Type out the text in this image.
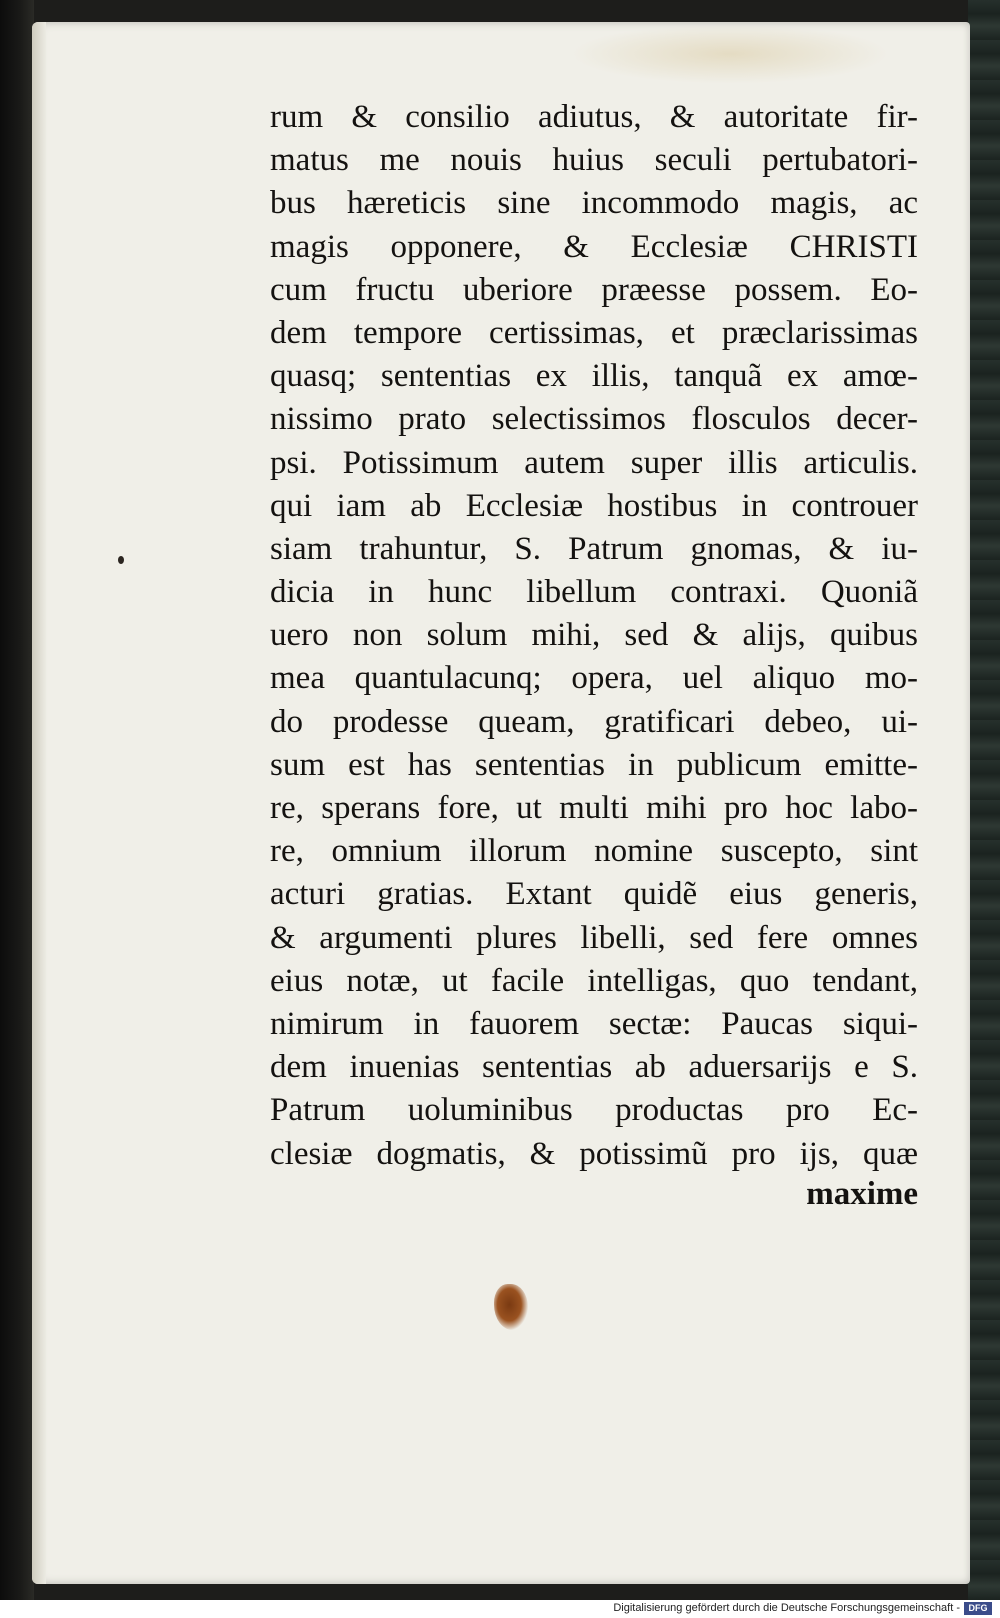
rum & consilio adiutus, & autoritate fir-
matus me nouis huius seculi pertubatori-
bus hæreticis sine incommodo magis, ac
magis opponere, & Ecclesiæ CHRISTI
cum fructu uberiore præesse possem. Eo-
dem tempore certissimas, et præclarissimas
quasq; sententias ex illis, tanquã ex amœ-
nissimo prato selectissimos flosculos decer-
psi. Potissimum autem super illis articulis.
qui iam ab Ecclesiæ hostibus in controuer
siam trahuntur, S. Patrum gnomas, & iu-
dicia in hunc libellum contraxi. Quoniã
uero non solum mihi, sed & alijs, quibus
mea quantulacunq; opera, uel aliquo mo-
do prodesse queam, gratificari debeo, ui-
sum est has sententias in publicum emitte-
re, sperans fore, ut multi mihi pro hoc labo-
re, omnium illorum nomine suscepto, sint
acturi gratias. Extant quidẽ eius generis,
& argumenti plures libelli, sed fere omnes
eius notæ, ut facile intelligas, quo tendant,
nimirum in fauorem sectæ: Paucas siqui-
dem inuenias sententias ab aduersarijs e S.
Patrum uoluminibus productas pro Ec-
clesiæ dogmatis, & potissimũ pro ijs, quæ
maxime
Digitalisierung gefördert durch die Deutsche Forschungsgemeinschaft - DFG
